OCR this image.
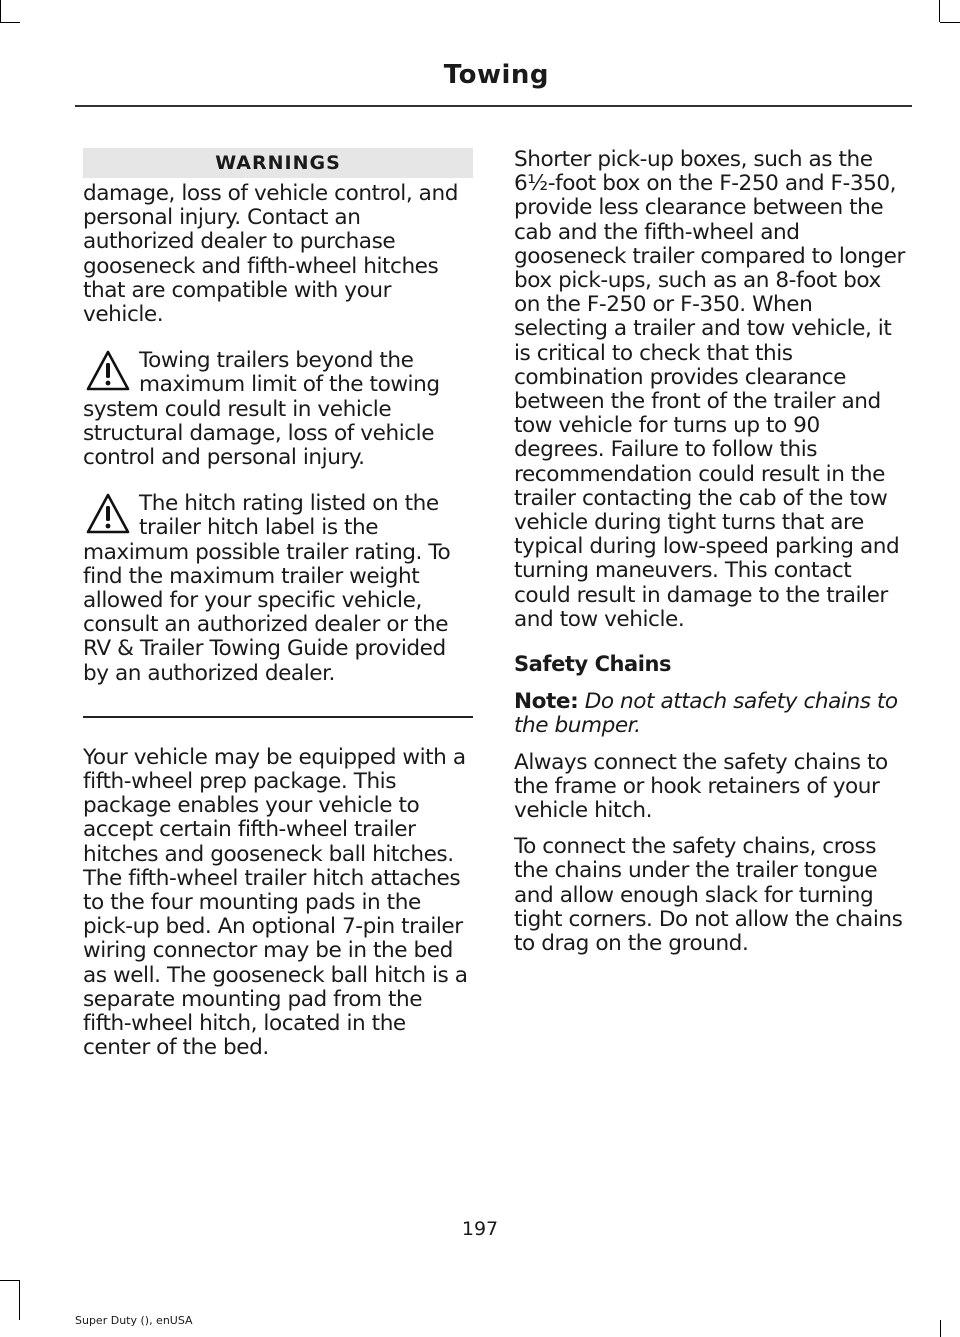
Towing
WARNINGS

damage, loss of vehicle control, and personal injury. Contact an authorized dealer to purchase gooseneck and fifth-wheel hitches that are compatible with your vehicle.

Towing trailers beyond the maximum limit of the towing system could result in vehicle structural damage, loss of vehicle control and personal injury.

The hitch rating listed on the trailer hitch label is the maximum possible trailer rating. To find the maximum trailer weight allowed for your specific vehicle, consult an authorized dealer or the RV & Trailer Towing Guide provided by an authorized dealer.

Your vehicle may be equipped with a fifth-wheel prep package. This package enables your vehicle to accept certain fifth-wheel trailer hitches and gooseneck ball hitches. The fifth-wheel trailer hitch attaches to the four mounting pads in the pick-up bed. An optional 7-pin trailer wiring connector may be in the bed as well. The gooseneck ball hitch is a separate mounting pad from the fifth-wheel hitch, located in the center of the bed.

Shorter pick-up boxes, such as the 6½-foot box on the F-250 and F-350, provide less clearance between the cab and the fifth-wheel and gooseneck trailer compared to longer box pick-ups, such as an 8-foot box on the F-250 or F-350. When selecting a trailer and tow vehicle, it is critical to check that this combination provides clearance between the front of the trailer and tow vehicle for turns up to 90 degrees. Failure to follow this recommendation could result in the trailer contacting the cab of the tow vehicle during tight turns that are typical during low-speed parking and turning maneuvers. This contact could result in damage to the trailer and tow vehicle.

Safety Chains

Note: Do not attach safety chains to the bumper.

Always connect the safety chains to the frame or hook retainers of your vehicle hitch.

To connect the safety chains, cross the chains under the trailer tongue and allow enough slack for turning tight corners. Do not allow the chains to drag on the ground.

197
Super Duty (), enUSA
